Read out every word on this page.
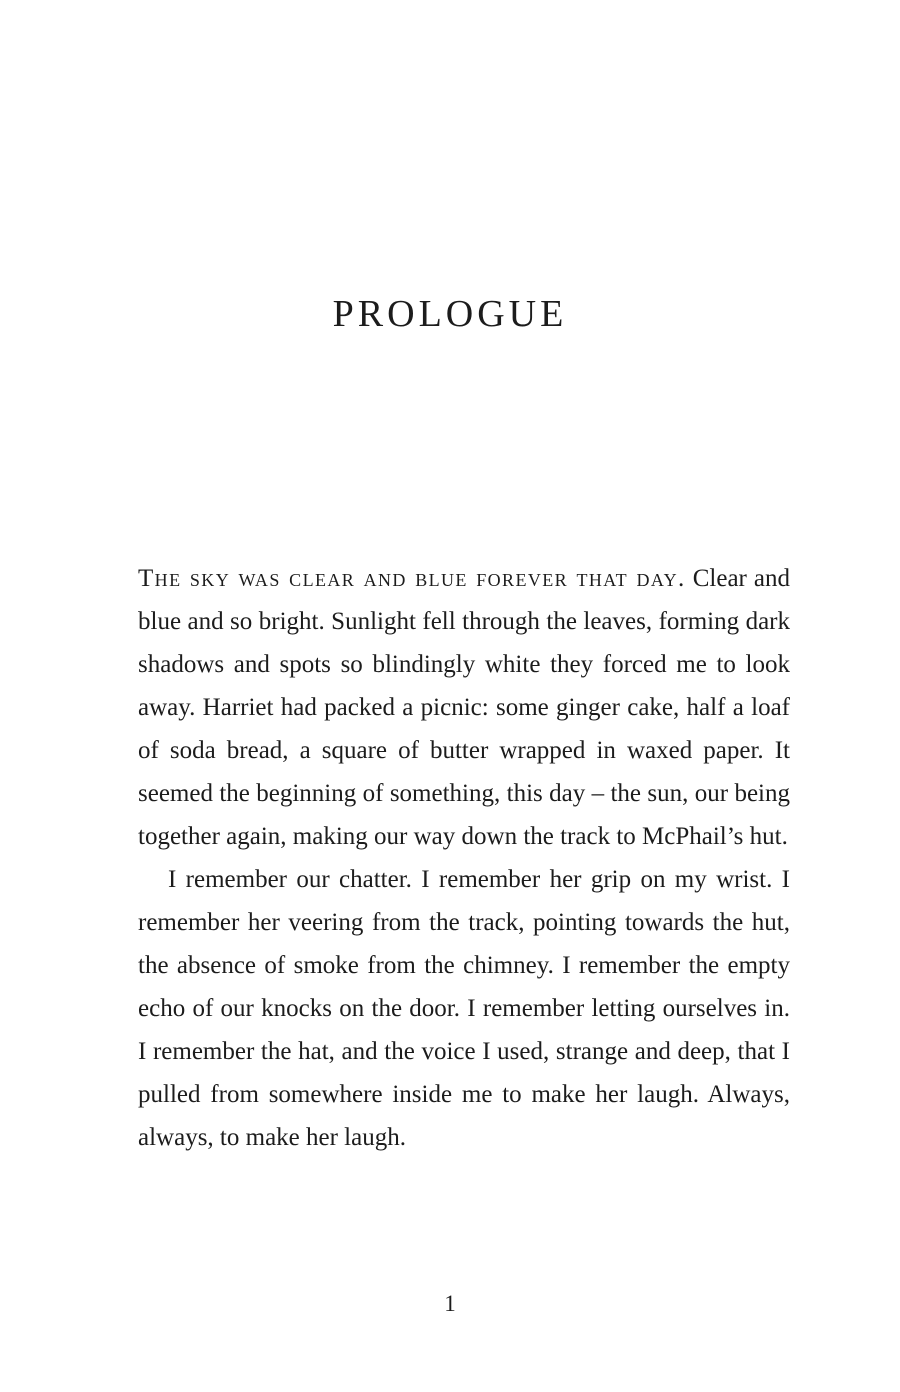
PROLOGUE

The sky was clear and blue forever that day. Clear and blue and so bright. Sunlight fell through the leaves, forming dark shadows and spots so blindingly white they forced me to look away. Harriet had packed a picnic: some ginger cake, half a loaf of soda bread, a square of butter wrapped in waxed paper. It seemed the beginning of something, this day – the sun, our being together again, making our way down the track to McPhail’s hut.

I remember our chatter. I remember her grip on my wrist. I remember her veering from the track, pointing towards the hut, the absence of smoke from the chimney. I remember the empty echo of our knocks on the door. I remember letting ourselves in. I remember the hat, and the voice I used, strange and deep, that I pulled from somewhere inside me to make her laugh. Always, always, to make her laugh.

1
